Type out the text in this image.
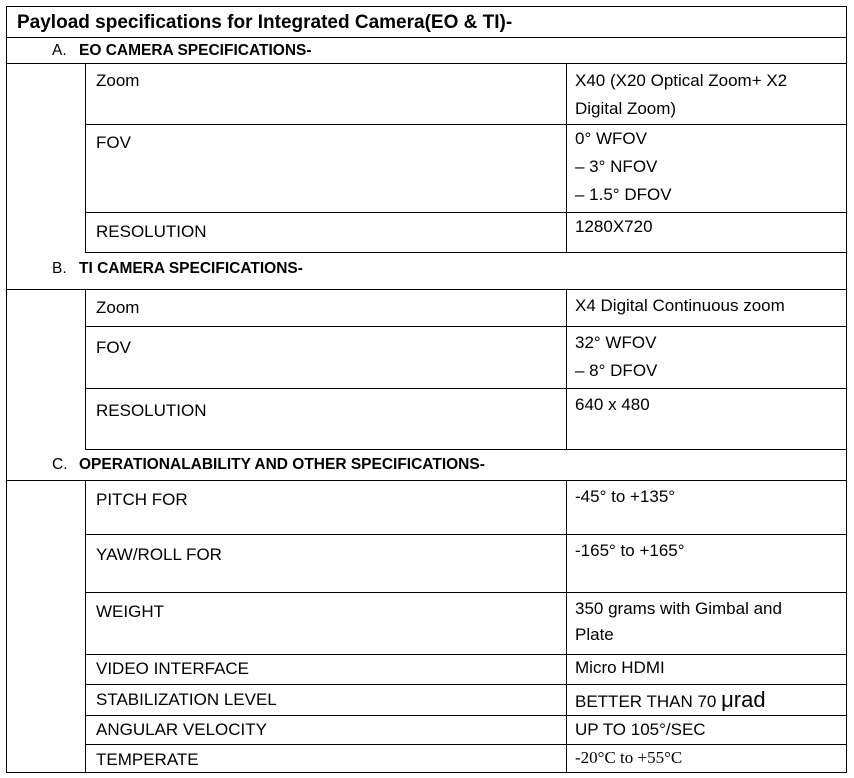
Payload specifications for Integrated Camera(EO & TI)-
A. EO CAMERA SPECIFICATIONS-
Zoom	X40 (X20 Optical Zoom+ X2
Digital Zoom)
FOV	0° WFOV
– 3° NFOV
– 1.5° DFOV
RESOLUTION	1280X720
B. TI CAMERA SPECIFICATIONS-
Zoom	X4 Digital Continuous zoom
FOV	32° WFOV
– 8° DFOV
RESOLUTION	640 x 480
C. OPERATIONALABILITY AND OTHER SPECIFICATIONS-
PITCH FOR	-45° to +135°
YAW/ROLL FOR	-165° to +165°
WEIGHT	350 grams with Gimbal and
Plate
VIDEO INTERFACE	Micro HDMI
STABILIZATION LEVEL	BETTER THAN 70 μrad
ANGULAR VELOCITY	UP TO 105°/SEC
TEMPERATE	-20°C to +55°C
